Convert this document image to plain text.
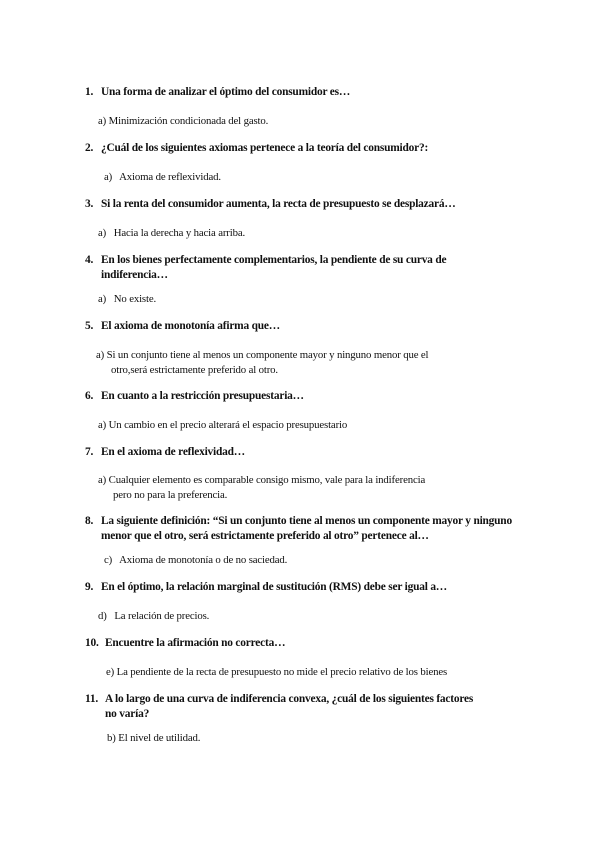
1. Una forma de analizar el óptimo del consumidor es…
a) Minimización condicionada del gasto.
2. ¿Cuál de los siguientes axiomas pertenece a la teoría del consumidor?:
a) Axioma de reflexividad.
3. Si la renta del consumidor aumenta, la recta de presupuesto se desplazará…
a) Hacia la derecha y hacia arriba.
4. En los bienes perfectamente complementarios, la pendiente de su curva de indiferencia…
a) No existe.
5. El axioma de monotonía afirma que…
a) Si un conjunto tiene al menos un componente mayor y ninguno menor que el
otro,será estrictamente preferido al otro.
6. En cuanto a la restricción presupuestaria…
a) Un cambio en el precio alterará el espacio presupuestario
7. En el axioma de reflexividad…
a) Cualquier elemento es comparable consigo mismo, vale para la indiferencia
pero no para la preferencia.
8. La siguiente definición: “Si un conjunto tiene al menos un componente mayor y ninguno menor que el otro, será estrictamente preferido al otro” pertenece al…
c) Axioma de monotonía o de no saciedad.
9. En el óptimo, la relación marginal de sustitución (RMS) debe ser igual a…
d) La relación de precios.
10. Encuentre la afirmación no correcta…
e) La pendiente de la recta de presupuesto no mide el precio relativo de los bienes
11. A lo largo de una curva de indiferencia convexa, ¿cuál de los siguientes factores no varía?
b) El nivel de utilidad.
